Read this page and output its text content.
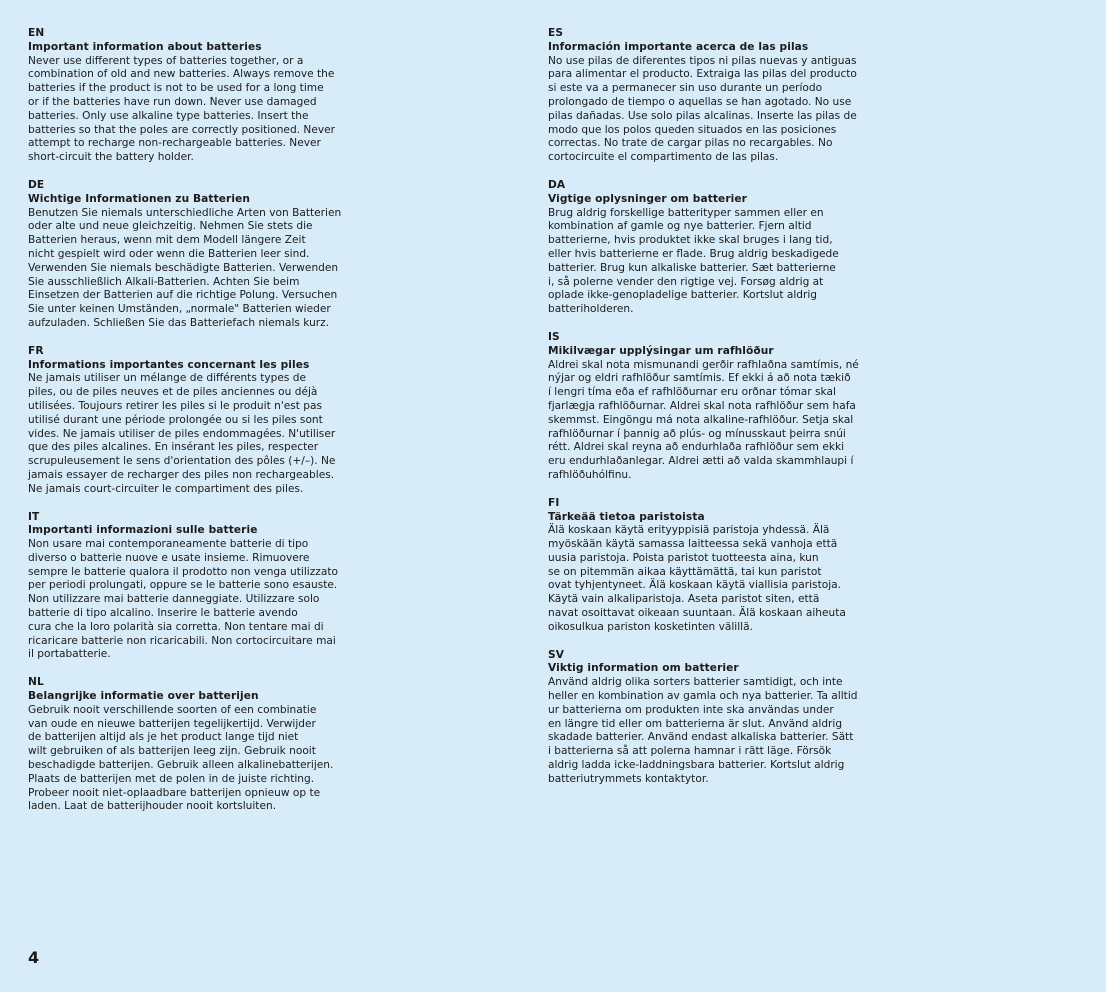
EN
Important information about batteries
Never use different types of batteries together, or a
combination of old and new batteries. Always remove the
batteries if the product is not to be used for a long time
or if the batteries have run down. Never use damaged
batteries. Only use alkaline type batteries. Insert the
batteries so that the poles are correctly positioned. Never
attempt to recharge non-rechargeable batteries. Never
short-circuit the battery holder.
DE
Wichtige Informationen zu Batterien
Benutzen Sie niemals unterschiedliche Arten von Batterien
oder alte und neue gleichzeitig. Nehmen Sie stets die
Batterien heraus, wenn mit dem Modell längere Zeit
nicht gespielt wird oder wenn die Batterien leer sind.
Verwenden Sie niemals beschädigte Batterien. Verwenden
Sie ausschließlich Alkali-Batterien. Achten Sie beim
Einsetzen der Batterien auf die richtige Polung. Versuchen
Sie unter keinen Umständen, „normale" Batterien wieder
aufzuladen. Schließen Sie das Batteriefach niemals kurz.
FR
Informations importantes concernant les piles
Ne jamais utiliser un mélange de différents types de
piles, ou de piles neuves et de piles anciennes ou déjà
utilisées. Toujours retirer les piles si le produit n'est pas
utilisé durant une période prolongée ou si les piles sont
vides. Ne jamais utiliser de piles endommagées. N'utiliser
que des piles alcalines. En insérant les piles, respecter
scrupuleusement le sens d'orientation des pôles (+/–). Ne
jamais essayer de recharger des piles non rechargeables.
Ne jamais court-circuiter le compartiment des piles.
IT
Importanti informazioni sulle batterie
Non usare mai contemporaneamente batterie di tipo
diverso o batterie nuove e usate insieme. Rimuovere
sempre le batterie qualora il prodotto non venga utilizzato
per periodi prolungati, oppure se le batterie sono esauste.
Non utilizzare mai batterie danneggiate. Utilizzare solo
batterie di tipo alcalino. Inserire le batterie avendo
cura che la loro polarità sia corretta. Non tentare mai di
ricaricare batterie non ricaricabili. Non cortocircuitare mai
il portabatterie.
NL
Belangrijke informatie over batterijen
Gebruik nooit verschillende soorten of een combinatie
van oude en nieuwe batterijen tegelijkertijd. Verwijder
de batterijen altijd als je het product lange tijd niet
wilt gebruiken of als batterijen leeg zijn. Gebruik nooit
beschadigde batterijen. Gebruik alleen alkalinebatterijen.
Plaats de batterijen met de polen in de juiste richting.
Probeer nooit niet-oplaadbare batterijen opnieuw op te
laden. Laat de batterijhouder nooit kortsluiten.
ES
Información importante acerca de las pilas
No use pilas de diferentes tipos ni pilas nuevas y antiguas
para alimentar el producto. Extraiga las pilas del producto
si este va a permanecer sin uso durante un período
prolongado de tiempo o aquellas se han agotado. No use
pilas dañadas. Use solo pilas alcalinas. Inserte las pilas de
modo que los polos queden situados en las posiciones
correctas. No trate de cargar pilas no recargables. No
cortocircuite el compartimento de las pilas.
DA
Vigtige oplysninger om batterier
Brug aldrig forskellige batterityper sammen eller en
kombination af gamle og nye batterier. Fjern altid
batterierne, hvis produktet ikke skal bruges i lang tid,
eller hvis batterierne er flade. Brug aldrig beskadigede
batterier. Brug kun alkaliske batterier. Sæt batterierne
i, så polerne vender den rigtige vej. Forsøg aldrig at
oplade ikke-genopladelige batterier. Kortslut aldrig
batteriholderen.
IS
Mikilvægar upplýsingar um rafhlöður
Aldrei skal nota mismunandi gerðir rafhlaðna samtímis, né
nýjar og eldri rafhlöður samtímis. Ef ekki á að nota tækið
í lengri tíma eða ef rafhlöðurnar eru orðnar tómar skal
fjarlægja rafhlöðurnar. Aldrei skal nota rafhlöður sem hafa
skemmst. Eingöngu má nota alkaline-rafhlöður. Setja skal
rafhlöðurnar í þannig að plús- og mínusskaut þeirra snúi
rétt. Aldrei skal reyna að endurhlaða rafhlöður sem ekki
eru endurhlaðanlegar. Aldrei ætti að valda skammhlaupi í
rafhlöðuhólfinu.
FI
Tärkeää tietoa paristoista
Älä koskaan käytä erityyppisiä paristoja yhdessä. Älä
myöskään käytä samassa laitteessa sekä vanhoja että
uusia paristoja. Poista paristot tuotteesta aina, kun
se on pitemmän aikaa käyttämättä, tai kun paristot
ovat tyhjentyneet. Älä koskaan käytä viallisia paristoja.
Käytä vain alkaliparistoja. Aseta paristot siten, että
navat osoittavat oikeaan suuntaan. Älä koskaan aiheuta
oikosulkua pariston kosketinten välillä.
SV
Viktig information om batterier
Använd aldrig olika sorters batterier samtidigt, och inte
heller en kombination av gamla och nya batterier. Ta alltid
ur batterierna om produkten inte ska användas under
en längre tid eller om batterierna är slut. Använd aldrig
skadade batterier. Använd endast alkaliska batterier. Sätt
i batterierna så att polerna hamnar i rätt läge. Försök
aldrig ladda icke-laddningsbara batterier. Kortslut aldrig
batteriutrymmets kontaktytor.
4
